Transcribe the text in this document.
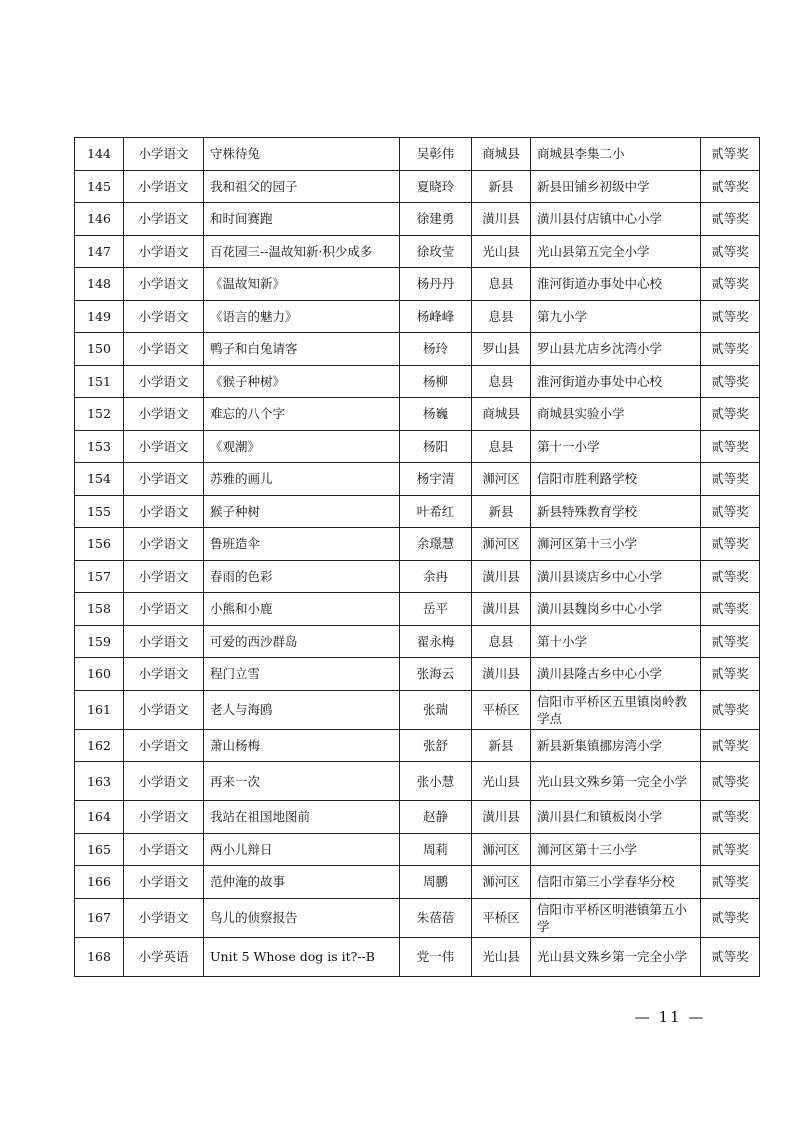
144	小学语文	守株待兔	吴彰伟	商城县	商城县李集二小	贰等奖
145	小学语文	我和祖父的园子	夏晓玲	新县	新县田铺乡初级中学	贰等奖
146	小学语文	和时间赛跑	徐建勇	潢川县	潢川县付店镇中心小学	贰等奖
147	小学语文	百花园三--温故知新·积少成多	徐玫莹	光山县	光山县第五完全小学	贰等奖
148	小学语文	《温故知新》	杨丹丹	息县	淮河街道办事处中心校	贰等奖
149	小学语文	《语言的魅力》	杨峰峰	息县	第九小学	贰等奖
150	小学语文	鸭子和白兔请客	杨玲	罗山县	罗山县尤店乡沈湾小学	贰等奖
151	小学语文	《猴子种树》	杨柳	息县	淮河街道办事处中心校	贰等奖
152	小学语文	难忘的八个字	杨巍	商城县	商城县实验小学	贰等奖
153	小学语文	《观潮》	杨阳	息县	第十一小学	贰等奖
154	小学语文	苏雅的画儿	杨宇清	浉河区	信阳市胜利路学校	贰等奖
155	小学语文	猴子种树	叶希红	新县	新县特殊教育学校	贰等奖
156	小学语文	鲁班造伞	余璟慧	浉河区	浉河区第十三小学	贰等奖
157	小学语文	春雨的色彩	余冉	潢川县	潢川县谈店乡中心小学	贰等奖
158	小学语文	小熊和小鹿	岳平	潢川县	潢川县魏岗乡中心小学	贰等奖
159	小学语文	可爱的西沙群岛	翟永梅	息县	第十小学	贰等奖
160	小学语文	程门立雪	张海云	潢川县	潢川县隆古乡中心小学	贰等奖
161	小学语文	老人与海鸥	张瑞	平桥区	信阳市平桥区五里镇岗岭教学点	贰等奖
162	小学语文	萧山杨梅	张舒	新县	新县新集镇挪房湾小学	贰等奖
163	小学语文	再来一次	张小慧	光山县	光山县文殊乡第一完全小学	贰等奖
164	小学语文	我站在祖国地图前	赵静	潢川县	潢川县仁和镇板岗小学	贰等奖
165	小学语文	两小儿辩日	周莉	浉河区	浉河区第十三小学	贰等奖
166	小学语文	范仲淹的故事	周鹏	浉河区	信阳市第三小学春华分校	贰等奖
167	小学语文	鸟儿的侦察报告	朱蓓蓓	平桥区	信阳市平桥区明港镇第五小学	贰等奖
168	小学英语	Unit 5 Whose dog is it?--B	党一伟	光山县	光山县文殊乡第一完全小学	贰等奖
— 11 —
